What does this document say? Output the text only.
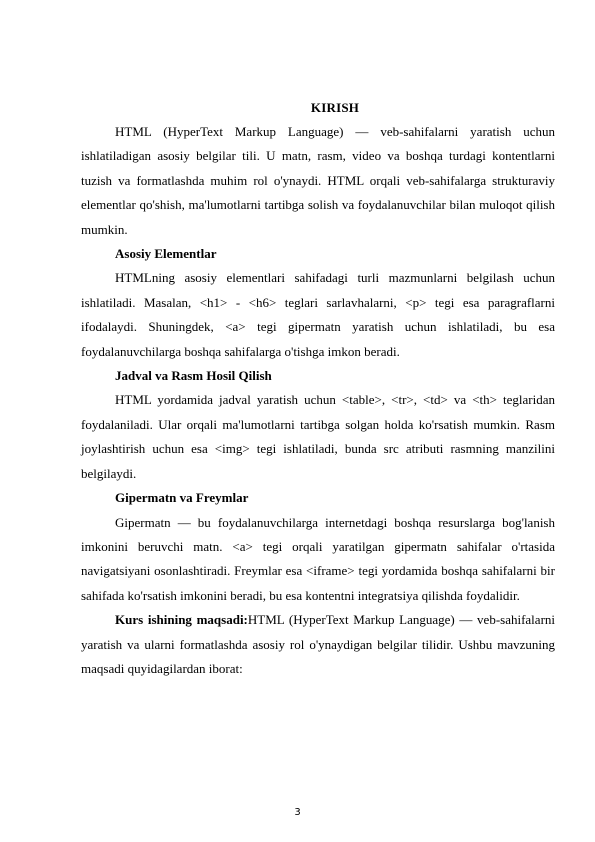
KIRISH

HTML (HyperText Markup Language) — veb-sahifalarni yaratish uchun ishlatiladigan asosiy belgilar tili. U matn, rasm, video va boshqa turdagi kontentlarni tuzish va formatlashda muhim rol o'ynaydi. HTML orqali veb-sahifalarga strukturaviy elementlar qo'shish, ma'lumotlarni tartibga solish va foydalanuvchilar bilan muloqot qilish mumkin.

Asosiy Elementlar

HTMLning asosiy elementlari sahifadagi turli mazmunlarni belgilash uchun ishlatiladi. Masalan, <h1> - <h6> teglari sarlavhalarni, <p> tegi esa paragraflarni ifodalaydi. Shuningdek, <a> tegi gipermatn yaratish uchun ishlatiladi, bu esa foydalanuvchilarga boshqa sahifalarga o'tishga imkon beradi.

Jadval va Rasm Hosil Qilish

HTML yordamida jadval yaratish uchun <table>, <tr>, <td> va <th> teglaridan foydalaniladi. Ular orqali ma'lumotlarni tartibga solgan holda ko'rsatish mumkin. Rasm joylashtirish uchun esa <img> tegi ishlatiladi, bunda src atributi rasmning manzilini belgilaydi.

Gipermatn va Freymlar

Gipermatn — bu foydalanuvchilarga internetdagi boshqa resurslarga bog'lanish imkonini beruvchi matn. <a> tegi orqali yaratilgan gipermatn sahifalar o'rtasida navigatsiyani osonlashtiradi. Freymlar esa <iframe> tegi yordamida boshqa sahifalarni bir sahifada ko'rsatish imkonini beradi, bu esa kontentni integratsiya qilishda foydalidir.

Kurs ishining maqsadi:HTML (HyperText Markup Language) — veb-sahifalarni yaratish va ularni formatlashda asosiy rol o'ynaydigan belgilar tilidir. Ushbu mavzuning maqsadi quyidagilardan iborat:

3
